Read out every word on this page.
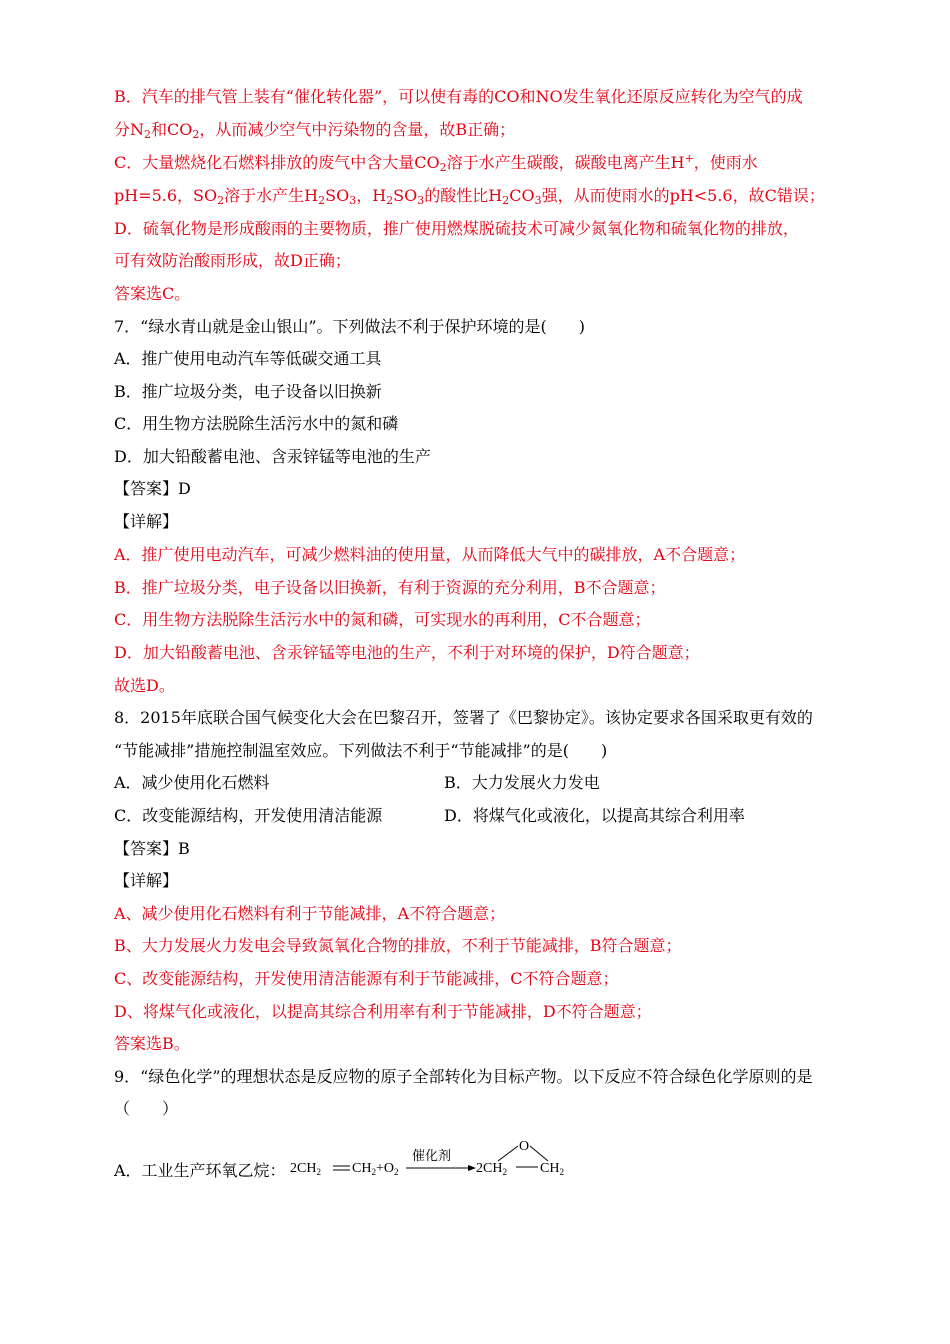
B．汽车的排气管上装有“催化转化器”，可以使有毒的CO和NO发生氧化还原反应转化为空气的成
分$N_2$和$CO_2$，从而减少空气中污染物的含量，故B正确；
C．大量燃烧化石燃料排放的废气中含大量$CO_2$溶于水产生碳酸，碳酸电离产生H+，使雨水
pH=5.6，$SO_2$溶于水产生$H_2SO_3$，$H_2SO_3$的酸性比$H_2CO_3$强，从而使雨水的pH<5.6，故C错误；
D．硫氧化物是形成酸雨的主要物质，推广使用燃煤脱硫技术可减少氮氧化物和硫氧化物的排放，
可有效防治酸雨形成，故D正确；
答案选C。
7．“绿水青山就是金山银山”。下列做法不利于保护环境的是(　　)
A．推广使用电动汽车等低碳交通工具
B．推广垃圾分类，电子设备以旧换新
C．用生物方法脱除生活污水中的氮和磷
D．加大铅酸蓄电池、含汞锌锰等电池的生产
【答案】D
【详解】
A．推广使用电动汽车，可减少燃料油的使用量，从而降低大气中的碳排放，A不合题意；
B．推广垃圾分类，电子设备以旧换新，有利于资源的充分利用，B不合题意；
C．用生物方法脱除生活污水中的氮和磷，可实现水的再利用，C不合题意；
D．加大铅酸蓄电池、含汞锌锰等电池的生产，不利于对环境的保护，D符合题意；
故选D。
8．2015年底联合国气候变化大会在巴黎召开，签署了《巴黎协定》。该协定要求各国采取更有效的
“节能减排”措施控制温室效应。下列做法不利于“节能减排”的是(　　)
A．减少使用化石燃料	B．大力发展火力发电
C．改变能源结构，开发使用清洁能源	D．将煤气化或液化，以提高其综合利用率
【答案】B
【详解】
A、减少使用化石燃料有利于节能减排，A不符合题意；
B、大力发展火力发电会导致氮氧化合物的排放，不利于节能减排，B符合题意；
C、改变能源结构，开发使用清洁能源有利于节能减排，C不符合题意；
D、将煤气化或液化，以提高其综合利用率有利于节能减排，D不符合题意；
答案选B。
9．“绿色化学”的理想状态是反应物的原子全部转化为目标产物。以下反应不符合绿色化学原则的是
（　　）
A．工业生产环氧乙烷： $2CH_2$ $CH_2 +O_2$
催化剂
$2CH_2$ $CH_2$
O
